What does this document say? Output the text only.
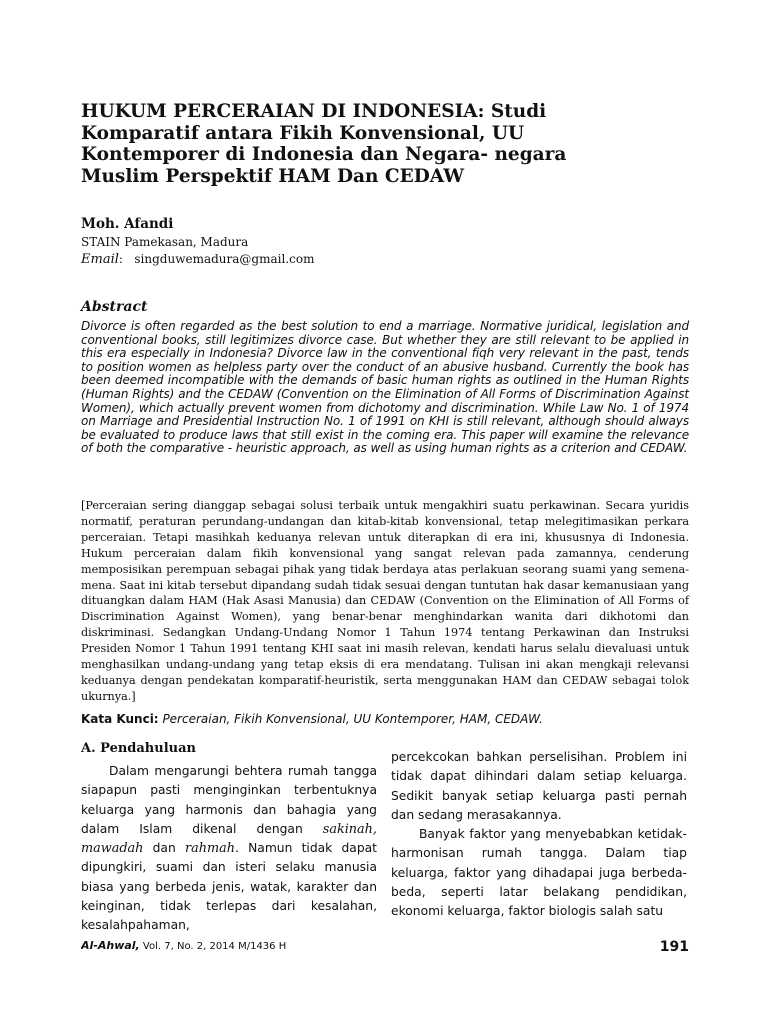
HUKUM PERCERAIAN DI INDONESIA: Studi Komparatif antara Fikih Konvensional, UU Kontemporer di Indonesia dan Negara- negara Muslim Perspektif HAM Dan CEDAW
Moh. Afandi
STAIN Pamekasan, Madura
Email:   singduwemadura@gmail.com
Abstract

Divorce is often regarded as the best solution to end a marriage. Normative juridical, legislation and conventional books, still legitimizes divorce case. But whether they are still relevant to be applied in this era especially in Indonesia? Divorce law in the conventional fiqh very relevant in the past, tends to position women as helpless party over the conduct of an abusive husband. Currently the book has been deemed incompatible with the demands of basic human rights as outlined in the Human Rights (Human Rights) and the CEDAW (Convention on the Elimination of All Forms of Discrimination Against Women), which actually prevent women from dichotomy and discrimination. While Law No. 1 of 1974 on Marriage and Presidential Instruction No. 1 of 1991 on KHI is still relevant, although should always be evaluated to produce laws that still exist in the coming era. This paper will examine the relevance of both the comparative - heuristic approach, as well as using human rights as a criterion and CEDAW.

[Perceraian sering dianggap sebagai solusi terbaik untuk mengakhiri suatu perkawinan. Secara yuridis normatif, peraturan perundang-undangan dan kitab-kitab konvensional, tetap melegitimasikan perkara perceraian. Tetapi masihkah keduanya relevan untuk diterapkan di era ini, khususnya di Indonesia. Hukum perceraian dalam fikih konvensional yang sangat relevan pada zamannya, cenderung memposisikan perempuan sebagai pihak yang tidak berdaya atas perlakuan seorang suami yang semena-mena. Saat ini kitab tersebut dipandang sudah tidak sesuai dengan tuntutan hak dasar kemanusiaan yang dituangkan dalam HAM (Hak Asasi Manusia) dan CEDAW (Convention on the Elimination of All Forms of Discrimination Against Women), yang benar-benar menghindarkan wanita dari dikhotomi dan diskriminasi. Sedangkan Undang-Undang Nomor 1 Tahun 1974 tentang Perkawinan dan Instruksi Presiden Nomor 1 Tahun 1991 tentang KHI saat ini masih relevan, kendati harus selalu dievaluasi untuk menghasilkan undang-undang yang tetap eksis di era mendatang. Tulisan ini akan mengkaji relevansi keduanya dengan pendekatan komparatif-heuristik, serta menggunakan HAM dan CEDAW sebagai tolok ukurnya.]

Kata Kunci: Perceraian, Fikih Konvensional, UU Kontemporer, HAM, CEDAW.
A. Pendahuluan

Dalam mengarungi behtera rumah tangga siapapun pasti menginginkan terbentuknya keluarga yang harmonis dan bahagia yang dalam Islam dikenal dengan sakinah, mawadah dan rahmah. Namun tidak dapat dipungkiri, suami dan isteri selaku manusia biasa yang berbeda jenis, watak, karakter dan keinginan, tidak terlepas dari kesalahan, kesalahpahaman,

percekcokan bahkan perselisihan. Problem ini tidak dapat dihindari dalam setiap keluarga. Sedikit banyak setiap keluarga pasti pernah dan sedang merasakannya.
Banyak faktor yang menyebabkan ketidak-harmonisan rumah tangga. Dalam tiap keluarga, faktor yang dihadapai juga berbeda-beda, seperti latar belakang pendidikan, ekonomi keluarga, faktor biologis salah satu

Al-Ahwal, Vol. 7, No. 2, 2014 M/1436 H	191
